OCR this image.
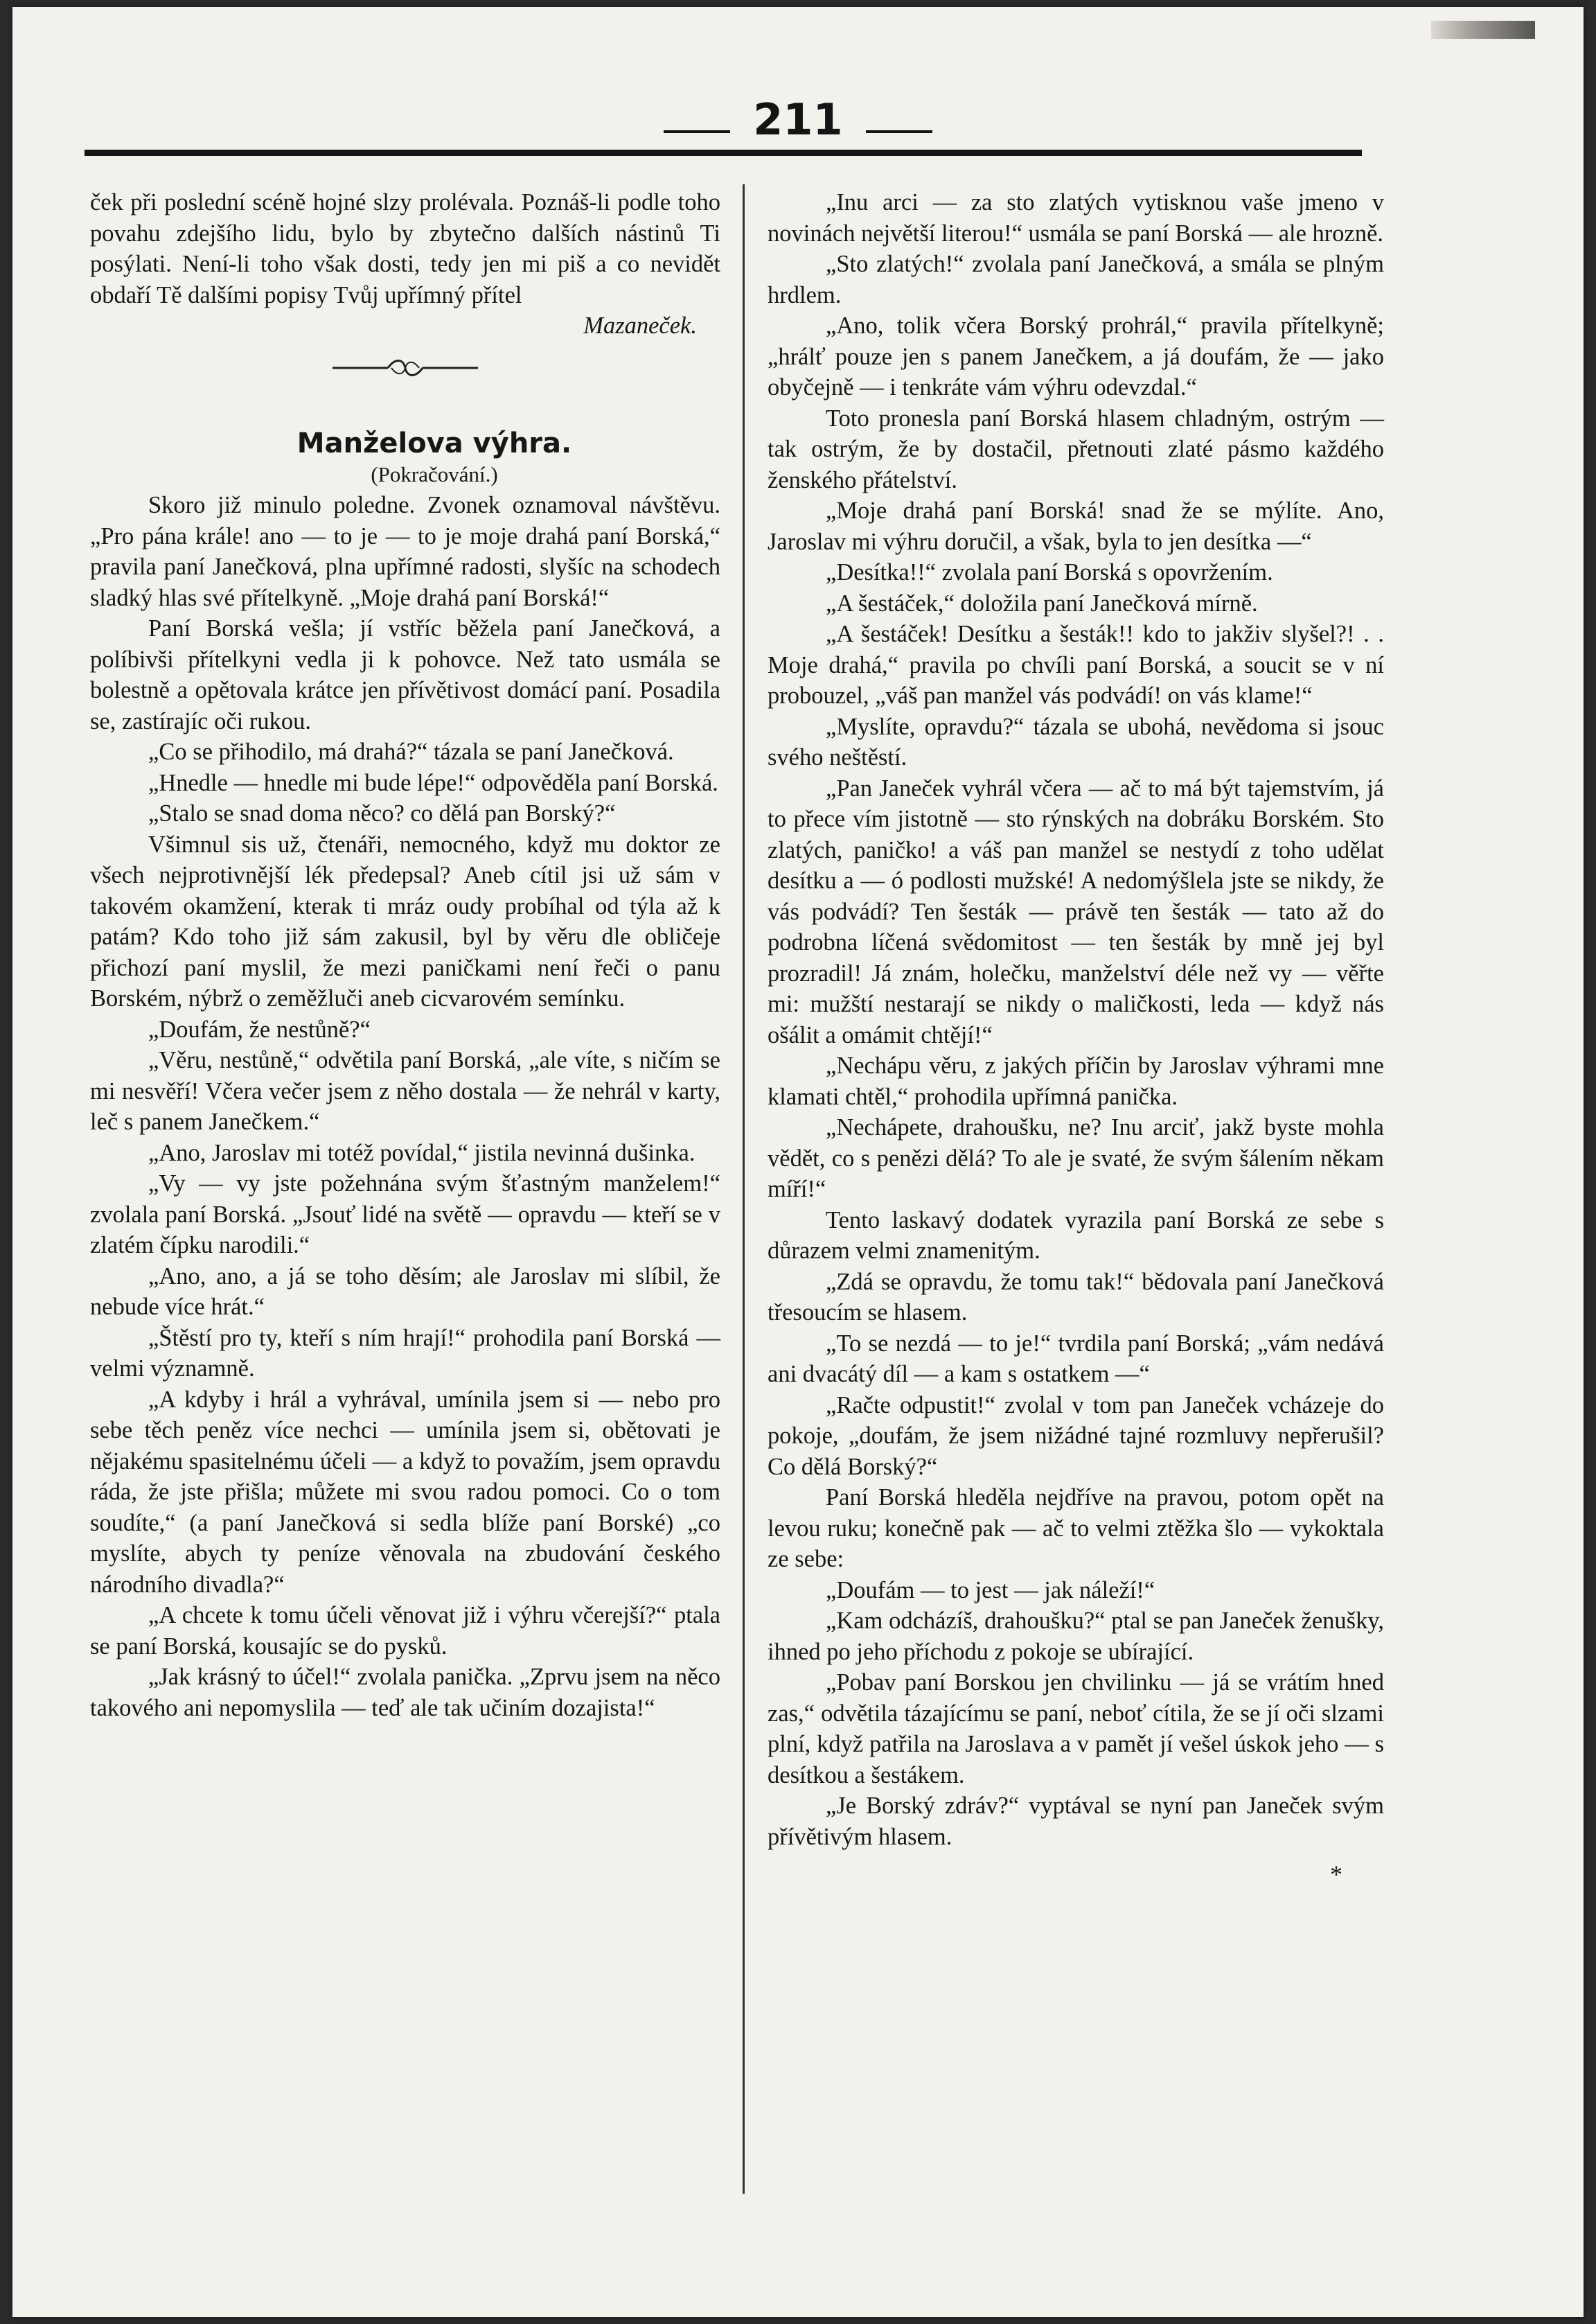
211

ček při poslední scéně hojné slzy prolévala. Poznáš-li podle toho povahu zdejšího lidu, bylo by zbytečno dalších nástinů Ti posýlati. Není-li toho však dosti, tedy jen mi piš a co nevidět obdaří Tě dalšími popisy Tvůj upřímný přítel

Mazaneček.

Manželova výhra.

(Pokračování.)

Skoro již minulo poledne. Zvonek oznamoval návštěvu. „Pro pána krále! ano — to je — to je moje drahá paní Borská,“ pravila paní Janečková, plna upřímné radosti, slyšíc na schodech sladký hlas své přítelkyně. „Moje drahá paní Borská!“

Paní Borská vešla; jí vstříc běžela paní Janečková, a políbivši přítelkyni vedla ji k pohovce. Než tato usmála se bolestně a opětovala krátce jen přívětivost domácí paní. Posadila se, zastírajíc oči rukou.

„Co se přihodilo, má drahá?“ tázala se paní Janečková.

„Hnedle — hnedle mi bude lépe!“ odpověděla paní Borská.

„Stalo se snad doma něco? co dělá pan Borský?“

Všimnul sis už, čtenáři, nemocného, když mu doktor ze všech nejprotivnější lék předepsal? Aneb cítil jsi už sám v takovém okamžení, kterak ti mráz oudy probíhal od týla až k patám? Kdo toho již sám zakusil, byl by věru dle obličeje přichozí paní myslil, že mezi paničkami není řeči o panu Borském, nýbrž o zeměžluči aneb cicvarovém semínku.

„Doufám, že nestůně?“

„Věru, nestůně,“ odvětila paní Borská, „ale víte, s ničím se mi nesvěří! Včera večer jsem z něho dostala — že nehrál v karty, leč s panem Janečkem.“

„Ano, Jaroslav mi totéž povídal,“ jistila nevinná dušinka.

„Vy — vy jste požehnána svým šťastným manželem!“ zvolala paní Borská. „Jsouť lidé na světě — opravdu — kteří se v zlatém čípku narodili.“

„Ano, ano, a já se toho děsím; ale Jaroslav mi slíbil, že nebude více hrát.“

„Štěstí pro ty, kteří s ním hrají!“ prohodila paní Borská — velmi významně.

„A kdyby i hrál a vyhrával, umínila jsem si — nebo pro sebe těch peněz více nechci — umínila jsem si, obětovati je nějakému spasitelnému účeli — a když to považím, jsem opravdu ráda, že jste přišla; můžete mi svou radou pomoci. Co o tom soudíte,“ (a paní Janečková si sedla blíže paní Borské) „co myslíte, abych ty peníze věnovala na zbudování českého národního divadla?“

„A chcete k tomu účeli věnovat již i výhru včerejší?“ ptala se paní Borská, kousajíc se do pysků.

„Jak krásný to účel!“ zvolala panička. „Zprvu jsem na něco takového ani nepomyslila — teď ale tak učiním dozajista!“

„Inu arci — za sto zlatých vytisknou vaše jmeno v novinách největší literou!“ usmála se paní Borská — ale hrozně.

„Sto zlatých!“ zvolala paní Janečková, a smála se plným hrdlem.

„Ano, tolik včera Borský prohrál,“ pravila přítelkyně; „hrálť pouze jen s panem Janečkem, a já doufám, že — jako obyčejně — i tenkráte vám výhru odevzdal.“

Toto pronesla paní Borská hlasem chladným, ostrým — tak ostrým, že by dostačil, přetnouti zlaté pásmo každého ženského přátelství.

„Moje drahá paní Borská! snad že se mýlíte. Ano, Jaroslav mi výhru doručil, a však, byla to jen desítka —“

„Desítka!!“ zvolala paní Borská s opovržením.

„A šestáček,“ doložila paní Janečková mírně.

„A šestáček! Desítku a šesták!! kdo to jakživ slyšel?! . . Moje drahá,“ pravila po chvíli paní Borská, a soucit se v ní probouzel, „váš pan manžel vás podvádí! on vás klame!“

„Myslíte, opravdu?“ tázala se ubohá, nevědoma si jsouc svého neštěstí.

„Pan Janeček vyhrál včera — ač to má být tajemstvím, já to přece vím jistotně — sto rýnských na dobráku Borském. Sto zlatých, paničko! a váš pan manžel se nestydí z toho udělat desítku a — ó podlosti mužské! A nedomýšlela jste se nikdy, že vás podvádí? Ten šesták — právě ten šesták — tato až do podrobna líčená svědomitost — ten šesták by mně jej byl prozradil! Já znám, holečku, manželství déle než vy — věřte mi: mužští nestarají se nikdy o maličkosti, leda — když nás ošálit a omámit chtějí!“

„Nechápu věru, z jakých příčin by Jaroslav výhrami mne klamati chtěl,“ prohodila upřímná panička.

„Nechápete, drahoušku, ne? Inu arciť, jakž byste mohla vědět, co s penězi dělá? To ale je svaté, že svým šálením někam míří!“

Tento laskavý dodatek vyrazila paní Borská ze sebe s důrazem velmi znamenitým.

„Zdá se opravdu, že tomu tak!“ bědovala paní Janečková třesoucím se hlasem.

„To se nezdá — to je!“ tvrdila paní Borská; „vám nedává ani dvacátý díl — a kam s ostatkem —“

„Račte odpustit!“ zvolal v tom pan Janeček vcházeje do pokoje, „doufám, že jsem nižádné tajné rozmluvy nepřerušil? Co dělá Borský?“

Paní Borská hleděla nejdříve na pravou, potom opět na levou ruku; konečně pak — ač to velmi ztěžka šlo — vykoktala ze sebe:

„Doufám — to jest — jak náleží!“

„Kam odcházíš, drahoušku?“ ptal se pan Janeček ženušky, ihned po jeho příchodu z pokoje se ubírající.

„Pobav paní Borskou jen chvilinku — já se vrátím hned zas,“ odvětila tázajícímu se paní, neboť cítila, že se jí oči slzami plní, když patřila na Jaroslava a v pamět jí vešel úskok jeho — s desítkou a šestákem.

„Je Borský zdráv?“ vyptával se nyní pan Janeček svým přívětivým hlasem.

*
